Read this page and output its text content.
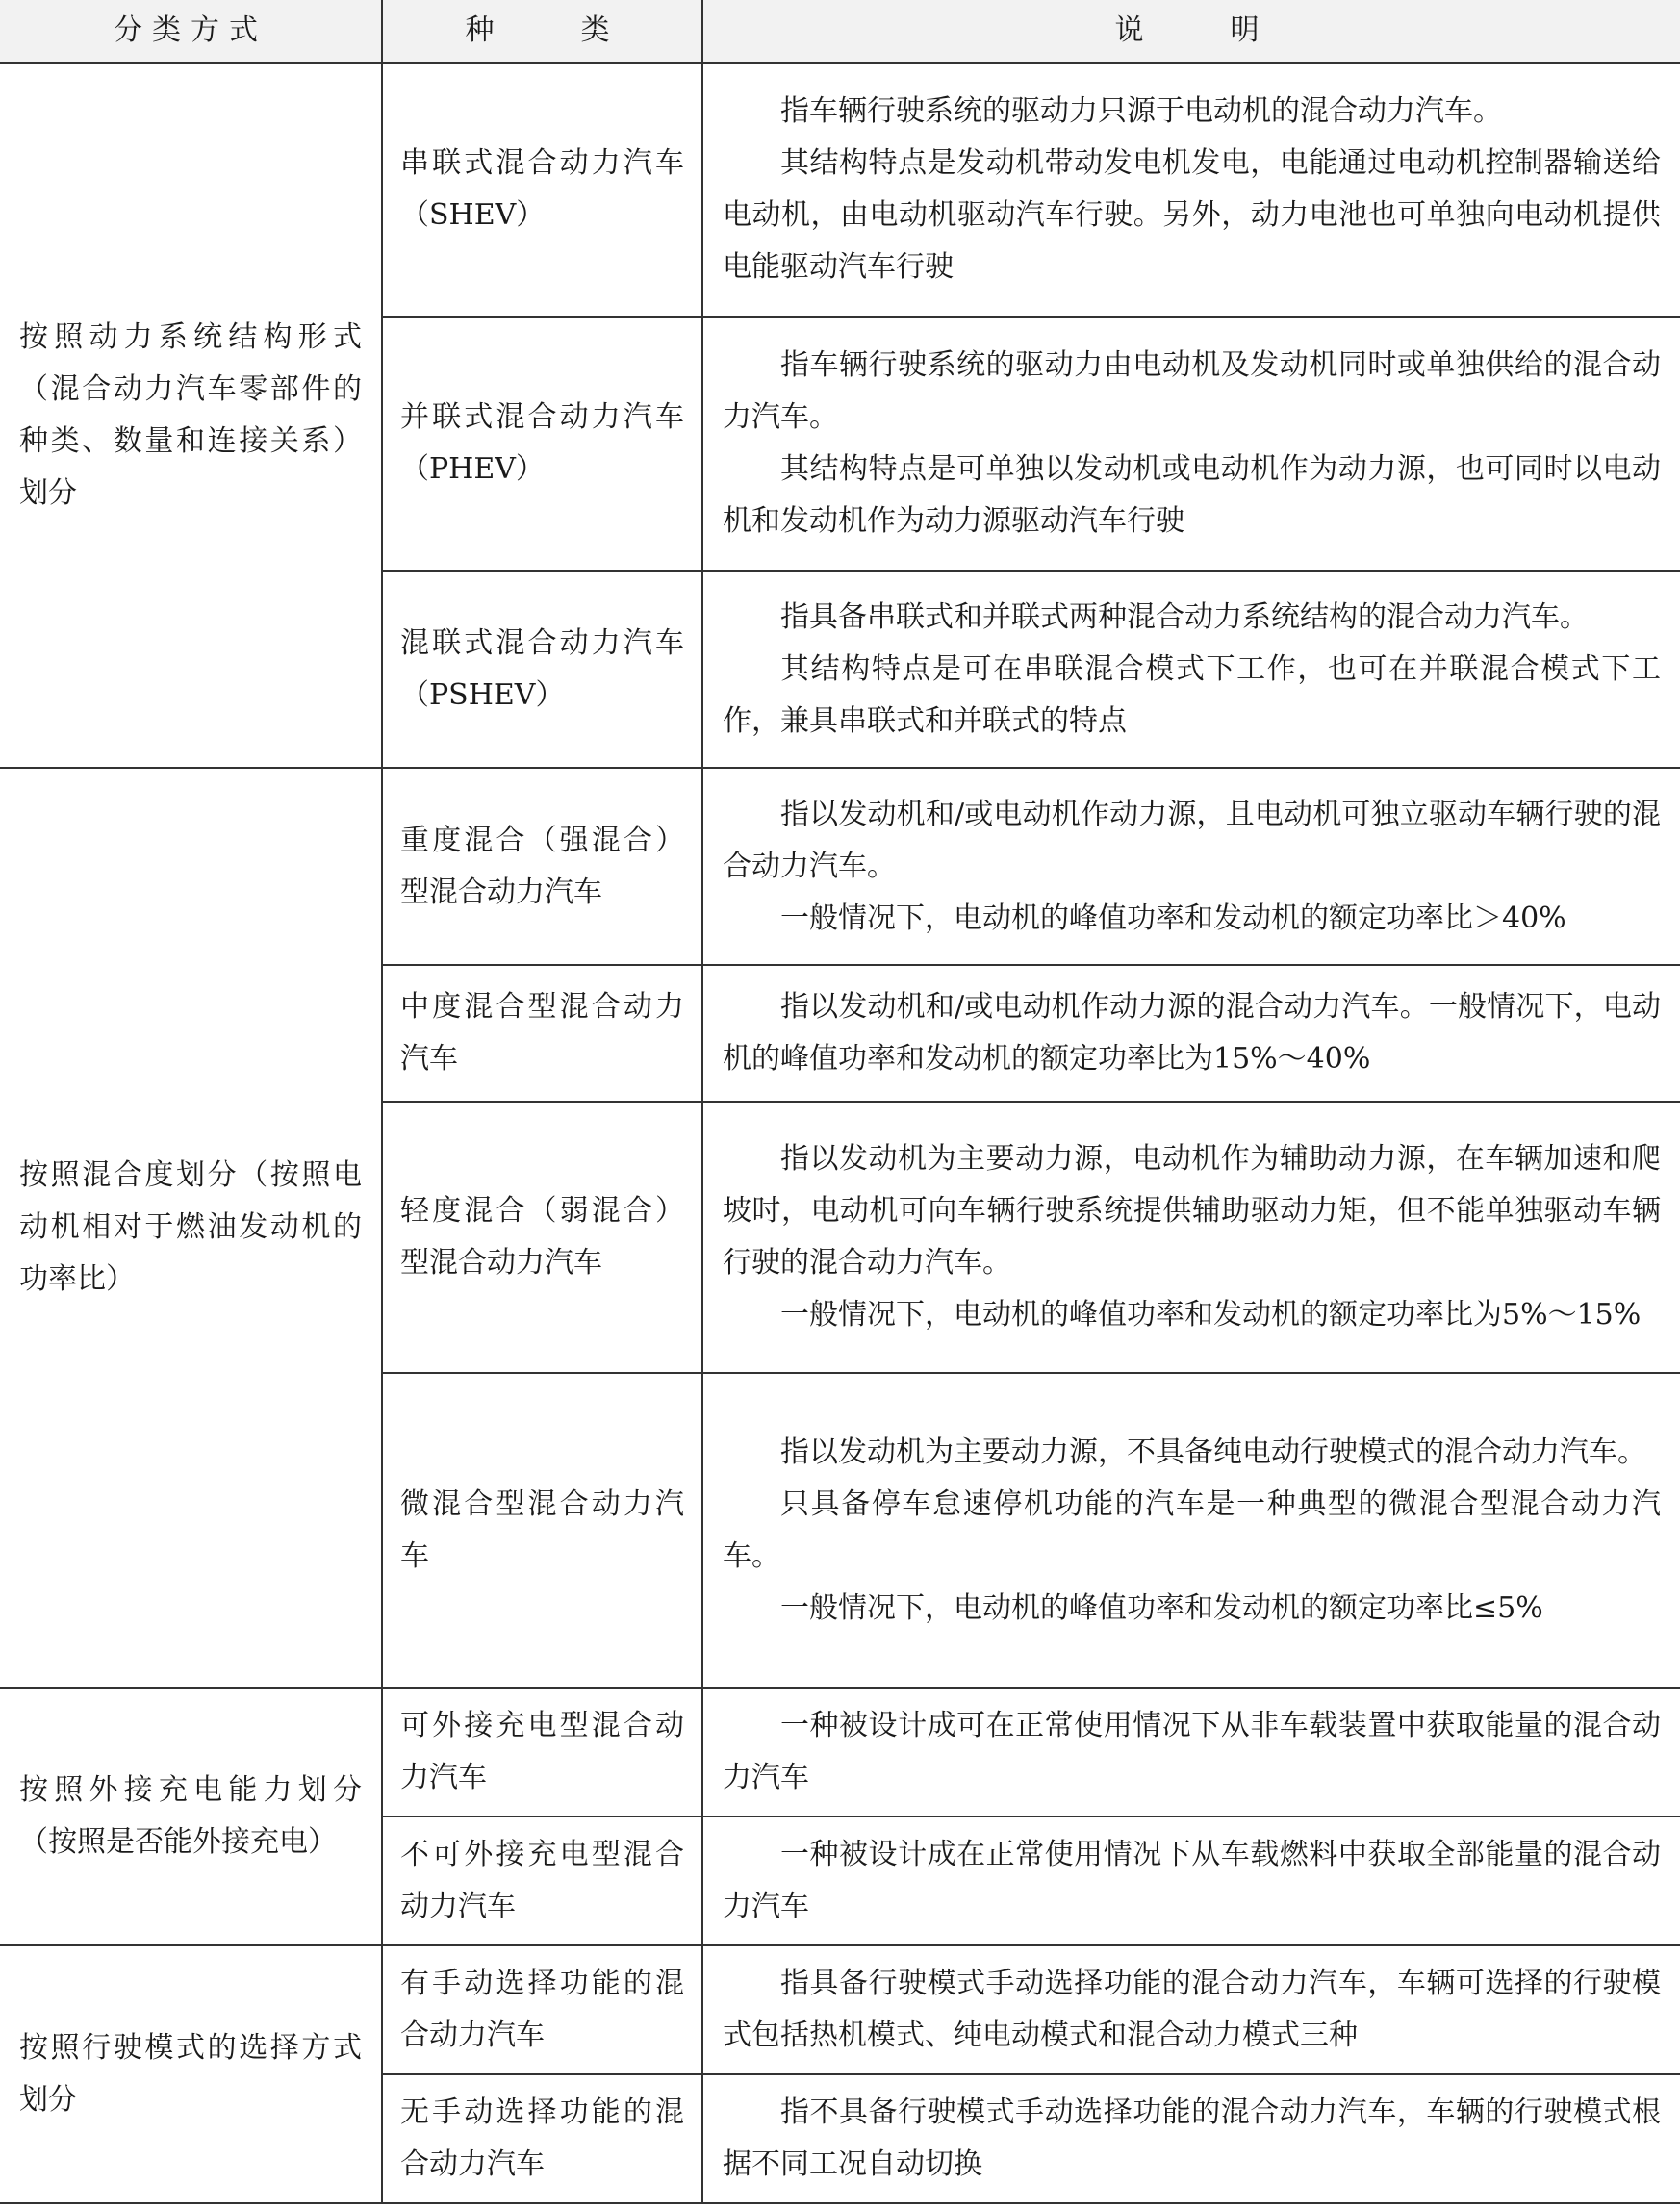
分类方式	种　　类	说　　明
按照动力系统结构形式（混合动力汽车零部件的种类、数量和连接关系）划分	串联式混合动力汽车（SHEV）	指车辆行驶系统的驱动力只源于电动机的混合动力汽车。

其结构特点是发动机带动发电机发电，电能通过电动机控制器输送给电动机，由电动机驱动汽车行驶。另外，动力电池也可单独向电动机提供电能驱动汽车行驶

	并联式混合动力汽车（PHEV）	指车辆行驶系统的驱动力由电动机及发动机同时或单独供给的混合动力汽车。

其结构特点是可单独以发动机或电动机作为动力源，也可同时以电动机和发动机作为动力源驱动汽车行驶

	混联式混合动力汽车（PSHEV）	指具备串联式和并联式两种混合动力系统结构的混合动力汽车。

其结构特点是可在串联混合模式下工作，也可在并联混合模式下工作，兼具串联式和并联式的特点

按照混合度划分（按照电动机相对于燃油发动机的功率比）	重度混合（强混合）型混合动力汽车	指以发动机和/或电动机作动力源，且电动机可独立驱动车辆行驶的混合动力汽车。

一般情况下，电动机的峰值功率和发动机的额定功率比＞40%

	中度混合型混合动力汽车	指以发动机和/或电动机作动力源的混合动力汽车。一般情况下，电动机的峰值功率和发动机的额定功率比为15%～40%

	轻度混合（弱混合）型混合动力汽车	指以发动机为主要动力源，电动机作为辅助动力源，在车辆加速和爬坡时，电动机可向车辆行驶系统提供辅助驱动力矩，但不能单独驱动车辆行驶的混合动力汽车。

一般情况下，电动机的峰值功率和发动机的额定功率比为5%～15%

	微混合型混合动力汽车	指以发动机为主要动力源，不具备纯电动行驶模式的混合动力汽车。

只具备停车怠速停机功能的汽车是一种典型的微混合型混合动力汽车。

一般情况下，电动机的峰值功率和发动机的额定功率比≤5%

按照外接充电能力划分（按照是否能外接充电）	可外接充电型混合动力汽车	一种被设计成可在正常使用情况下从非车载装置中获取能量的混合动力汽车

	不可外接充电型混合动力汽车	一种被设计成在正常使用情况下从车载燃料中获取全部能量的混合动力汽车

按照行驶模式的选择方式划分	有手动选择功能的混合动力汽车	指具备行驶模式手动选择功能的混合动力汽车，车辆可选择的行驶模式包括热机模式、纯电动模式和混合动力模式三种

	无手动选择功能的混合动力汽车	指不具备行驶模式手动选择功能的混合动力汽车，车辆的行驶模式根据不同工况自动切换
